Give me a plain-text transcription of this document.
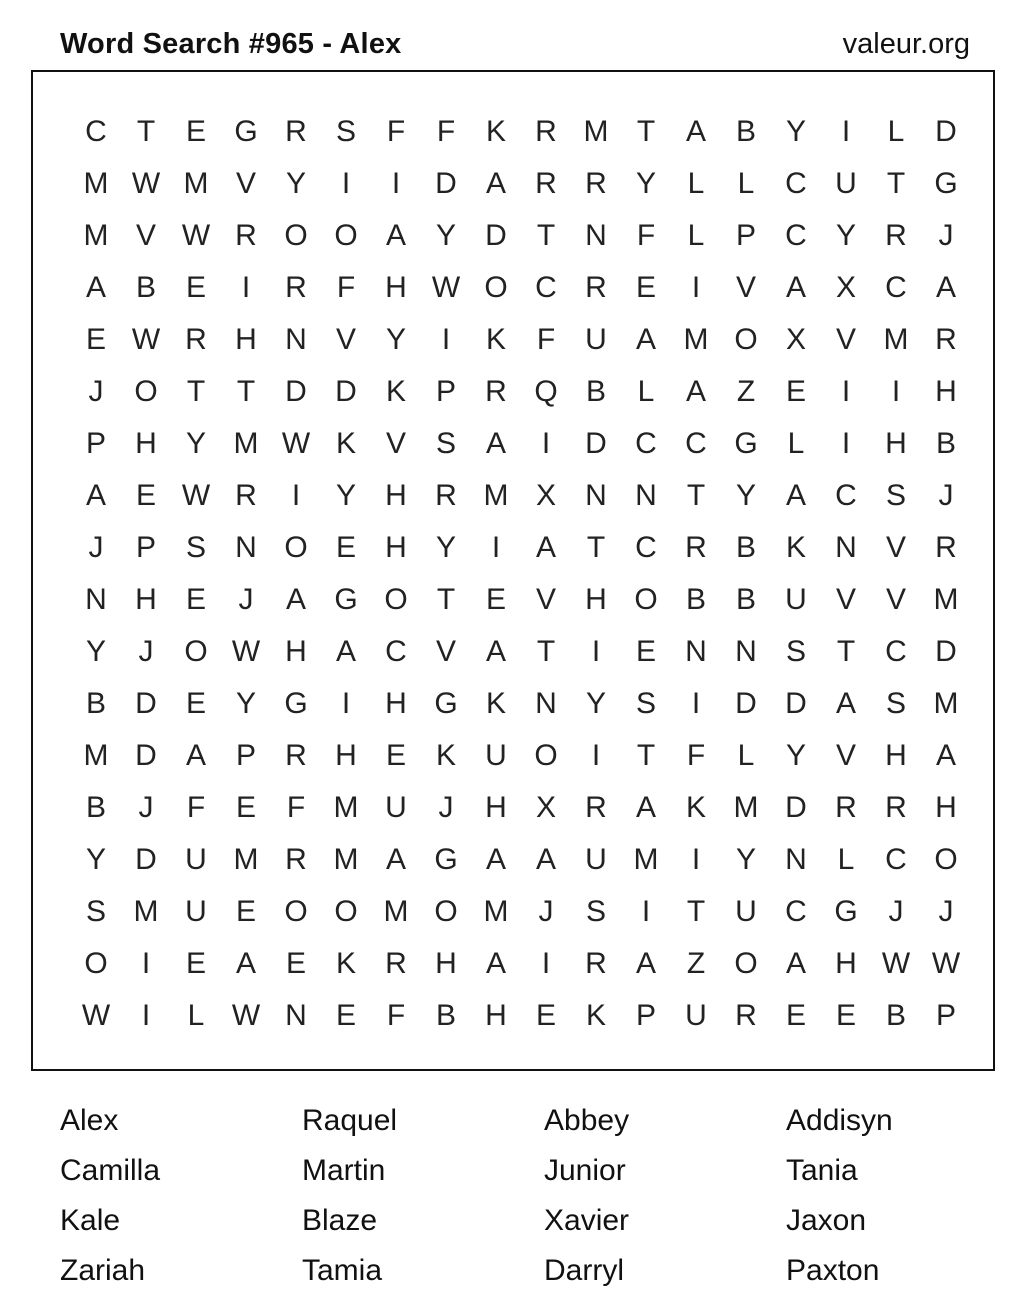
Word Search #965 - Alex	valeur.org
C	T	E G R S	F	F	K R M T	A B Y	I	L	D
M W M V Y	I	I	D A R R Y	L	L	C U	T G
M V W R O O A Y D	T	N	F	L	P C Y R	J
A B E	I	R	F	H W O C R E	I	V A X C A
E W R H N V Y	I	K	F	U A M O X V M R
J	O T	T	D D K P R Q B	L	A	Z	E	I	I	H
P H Y M W K V S A	I	D C C G L	I	H B
A E W R	I	Y H R M X N N	T	Y A C S	J
J	P S N O E H Y	I	A	T	C R B K N V R
N H E	J	A G O T	E V H O B B U V V M
Y	J	O W H A C V A	T	I	E N N S	T	C D
B D E Y G	I	H G K N Y S	I	D D A S M
M D A P R H E K U O	I	T	F	L	Y V H A
B	J	F	E	F M U	J	H X R A K M D R R H
Y D U M R M A G A A U M	I	Y N	L	C O
S M U E O O M O M	J	S	I	T	U C G	J	J
O	I	E A E K R H A	I	R A	Z O A H W W
W	I	L W N E	F	B H E K P U R E E B P
Alex	Raquel	Abbey	Addisyn
Camilla	Martin	Junior	Tania
Kale	Blaze	Xavier	Jaxon
Zariah	Tamia	Darryl	Paxton
